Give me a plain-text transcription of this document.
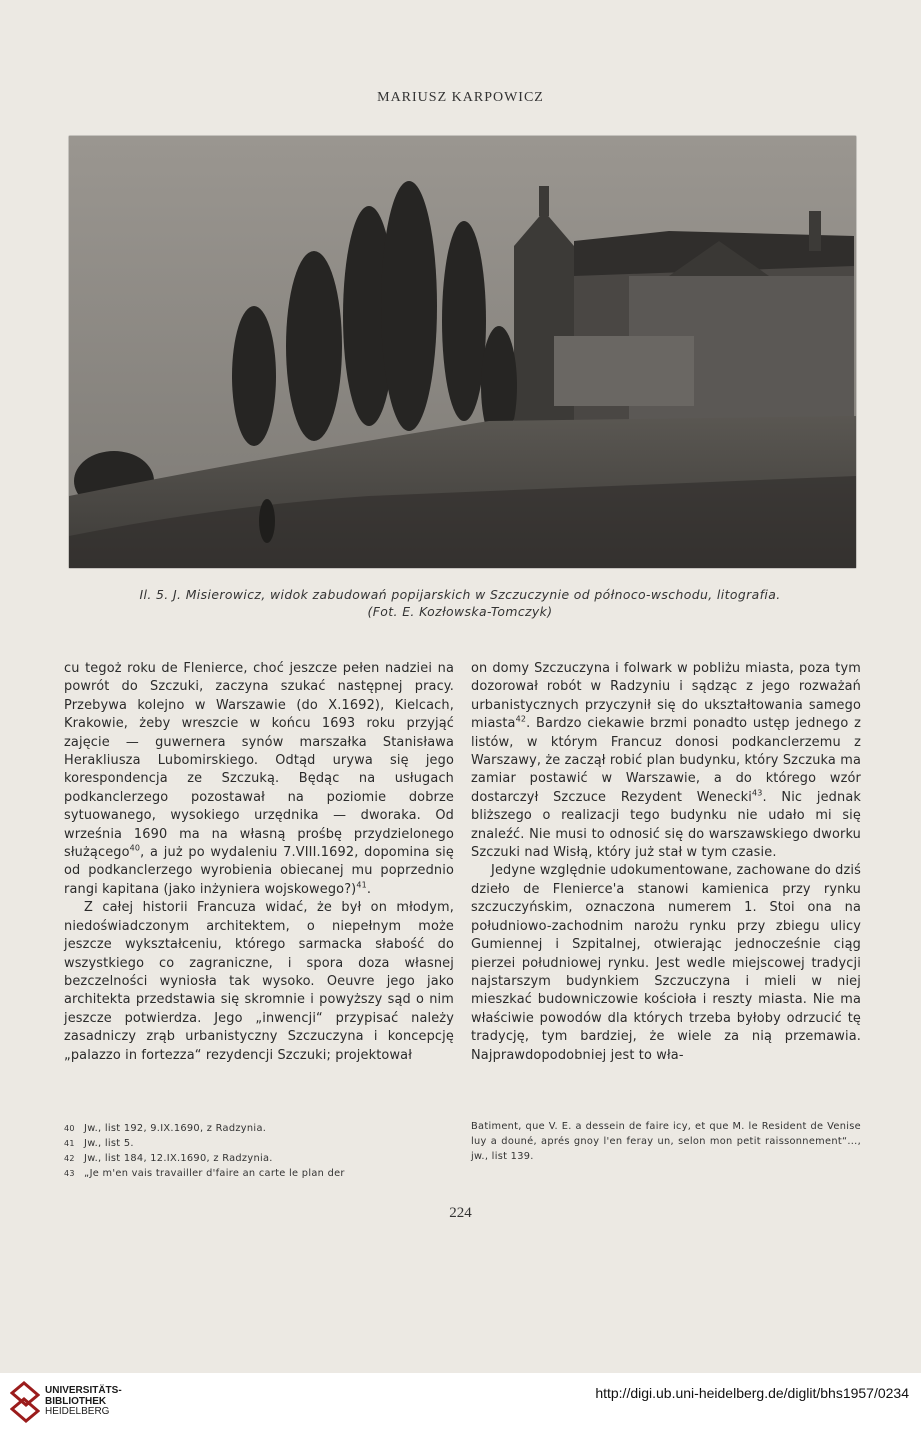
MARIUSZ KARPOWICZ
Il. 5. J. Misierowicz, widok zabudowań popijarskich w Szczuczynie od północo-wschodu, litografia.
(Fot. E. Kozłowska-Tomczyk)

cu tegoż roku de Flenierce, choć jeszcze pełen nadziei na powrót do Szczuki, zaczyna szukać następnej pracy. Przebywa kolejno w Warszawie (do X.1692), Kielcach, Krakowie, żeby wreszcie w końcu 1693 roku przyjąć zajęcie — guwernera synów marszałka Stanisława Herakliusza Lubomirskiego. Odtąd urywa się jego korespondencja ze Szczuką. Będąc na usługach podkanclerzego pozostawał na poziomie dobrze sytuowanego, wysokiego urzędnika — dworaka. Od września 1690 ma na własną prośbę przydzielonego służącego$^{40}$, a już po wydaleniu 7.VIII.1692, dopomina się od podkanclerzego wyrobienia obiecanej mu poprzednio rangi kapitana (jako inżyniera wojskowego?)$^{41}$.

Z całej historii Francuza widać, że był on młodym, niedoświadczonym architektem, o niepełnym może jeszcze wykształceniu, którego sarmacka słabość do wszystkiego co zagraniczne, i spora doza własnej bezczelności wyniosła tak wysoko. Oeuvre jego jako architekta przedstawia się skromnie i powyższy sąd o nim jeszcze potwierdza. Jego „inwencji“ przypisać należy zasadniczy zrąb urbanistyczny Szczuczyna i koncepcję „palazzo in fortezza“ rezydencji Szczuki; projektował

on domy Szczuczyna i folwark w pobliżu miasta, poza tym dozorował robót w Radzyniu i sądząc z jego rozważań urbanistycznych przyczynił się do ukształtowania samego miasta$^{42}$. Bardzo ciekawie brzmi ponadto ustęp jednego z listów, w którym Francuz donosi podkanclerzemu z Warszawy, że zaczął robić plan budynku, który Szczuka ma zamiar postawić w Warszawie, a do którego wzór dostarczył Szczuce Rezydent Wenecki$^{43}$. Nic jednak bliższego o realizacji tego budynku nie udało mi się znaleźć. Nie musi to odnosić się do warszawskiego dworku Szczuki nad Wisłą, który już stał w tym czasie.

Jedyne względnie udokumentowane, zachowane do dziś dzieło de Flenierce'a stanowi kamienica przy rynku szczuczyńskim, oznaczona numerem 1. Stoi ona na południowo-zachodnim narożu rynku przy zbiegu ulicy Gumiennej i Szpitalnej, otwierając jednocześnie ciąg pierzei południowej rynku. Jest wedle miejscowej tradycji najstarszym budynkiem Szczuczyna i mieli w niej mieszkać budowniczowie kościoła i reszty miasta. Nie ma właściwie powodów dla których trzeba byłoby odrzucić tę tradycję, tym bardziej, że wiele za nią przemawia. Najprawdopodobniej jest to wła-

40 Jw., list 192, 9.IX.1690, z Radzynia.
41 Jw., list 5.
42 Jw., list 184, 12.IX.1690, z Radzynia.
43 „Je m'en vais travailler d'faire an carte le plan der
Batiment, que V. E. a dessein de faire icy, et que M. le Resident de Venise luy a douné, aprés gnoy l'en feray un, selon mon petit raissonnement“..., jw., list 139.
224
UNIVERSITÄTS-
BIBLIOTHEK
HEIDELBERG
http://digi.ub.uni-heidelberg.de/diglit/bhs1957/0234
